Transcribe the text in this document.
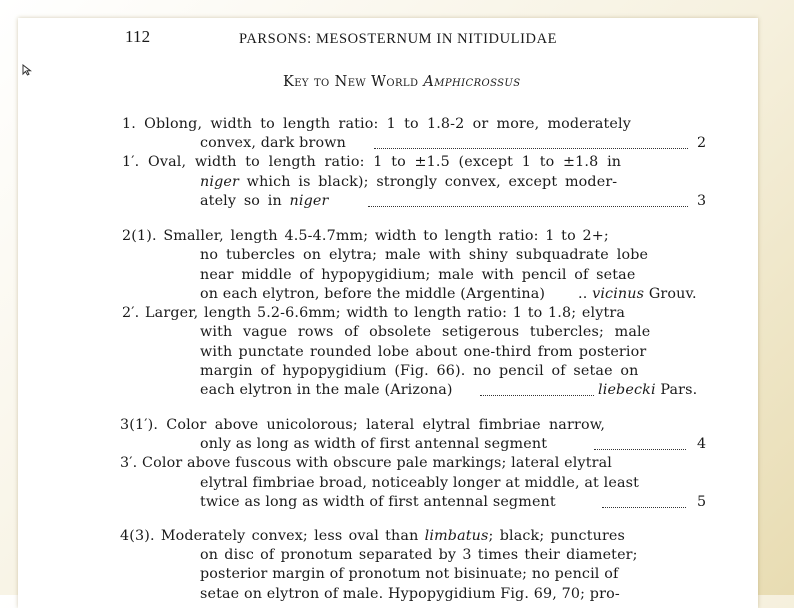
112	PARSONS: MESOSTERNUM IN NITIDULIDAE
Key to New World Amphicrossus
1. Oblong, width to length ratio: 1 to 1.8-2 or more, moderately
convex, dark brown	2
1′. Oval, width to length ratio: 1 to ±1.5 (except 1 to ±1.8 in
niger which is black); strongly convex, except moder-
ately so in niger	3
2(1). Smaller, length 4.5-4.7mm; width to length ratio: 1 to 2+;
no tubercles on elytra; male with shiny subquadrate lobe
near middle of hypopygidium; male with pencil of setae
on each elytron, before the middle (Argentina) .. vicinus Grouv.
2′. Larger, length 5.2-6.6mm; width to length ratio: 1 to 1.8; elytra
with vague rows of obsolete setigerous tubercles; male
with punctate rounded lobe about one-third from posterior
margin of hypopygidium (Fig. 66). no pencil of setae on
each elytron in the male (Arizona)	liebecki Pars.
3(1′). Color above unicolorous; lateral elytral fimbriae narrow,
only as long as width of first antennal segment	4
3′. Color above fuscous with obscure pale markings; lateral elytral
elytral fimbriae broad, noticeably longer at middle, at least
twice as long as width of first antennal segment	5
4(3). Moderately convex; less oval than limbatus; black; punctures
on disc of pronotum separated by 3 times their diameter;
posterior margin of pronotum not bisinuate; no pencil of
setae on elytron of male. Hypopygidium Fig. 69, 70; pro-
